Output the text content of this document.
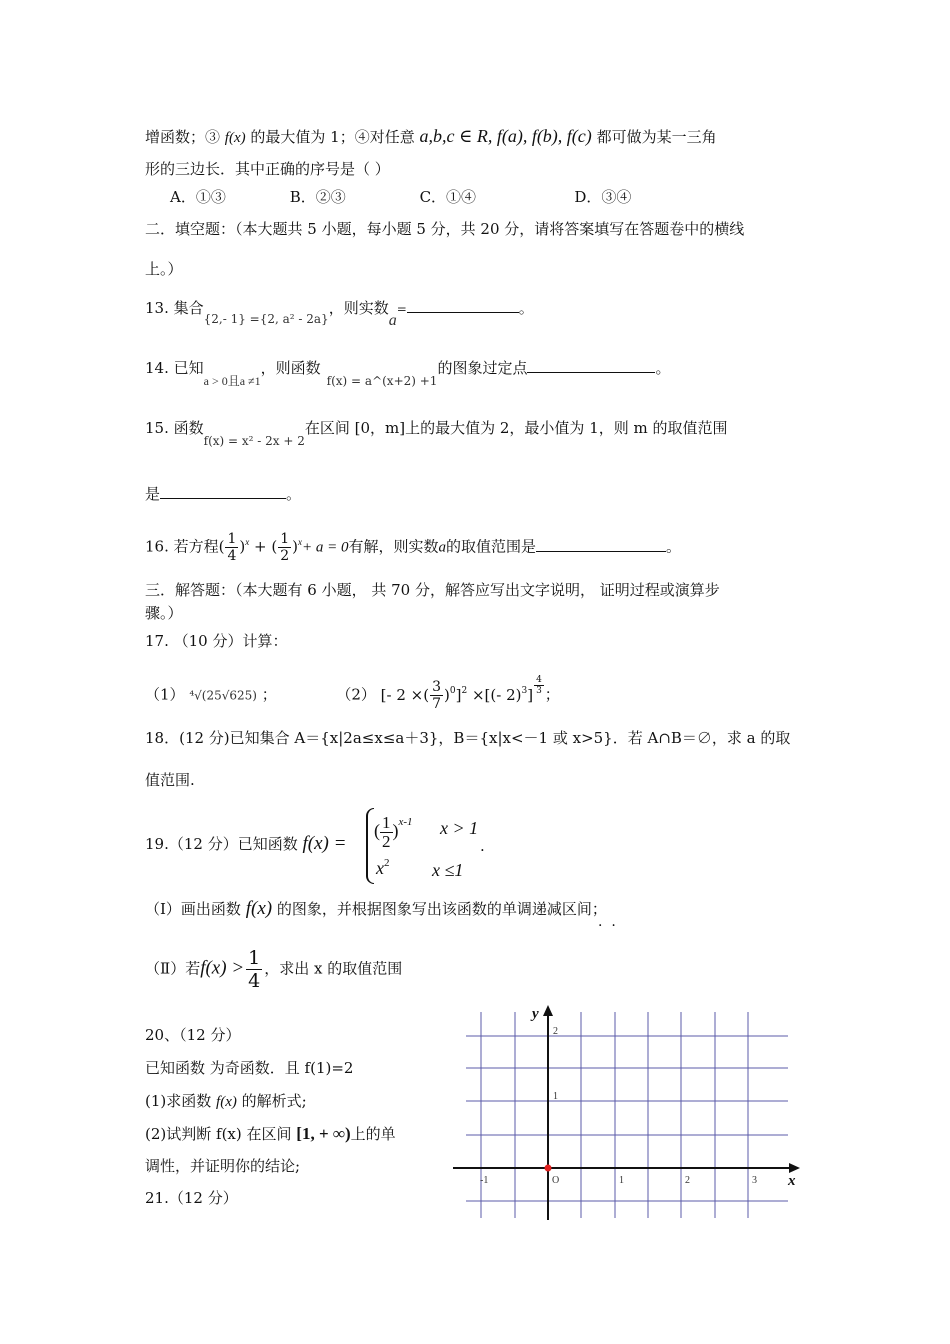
增函数；③ f(x) 的最大值为 1；④对任意 a,b,c ∈ R, f(a), f(b), f(c) 都可做为某一三角
形的三边长．其中正确的序号是（ ）
A．①③	B．②③	C．①④	D．③④
二．填空题：（本大题共 5 小题，每小题 5 分，共 20 分，请将答案填写在答题卷中的横线
上。）
13. 集合$_{\{2,- 1\} =\{2, a^2 - 2a\}}$，则实数a=	。
14. 已知$_{a > 0且a \ne 1}$，则函数$_{f(x) = a\^{}(x+2) +1}$的图象过定点	。
15. 函数$_{f(x) = x^2 - 2x + 2}$在区间 [0，m]上的最大值为 2，最小值为 1，则 m 的取值范围
是	。
16. 若方程( $\frac{1}{4} )^x$ + ( $\frac{1}{2} )^x+ a = 0$有解，则实数a的取值范围是	。
三．解答题：（本大题有 6 小题， 共 70 分，解答应写出文字说明， 证明过程或演算步
骤。）
17. （10 分）计算：
（1） ⁴√(25√625) ；	（2） [- 2 ×( $\frac{3}{7} )^0]^2$ ×[(- $2)^3] \frac{4}{3}$ ；
18．(12 分)已知集合 A＝{x|2a≤x≤a＋3}，B＝{x|x<－1 或 x>5}．若 A∩B＝∅，求 a 的取
值范围.
19.（12 分）已知函数 f(x) =
( $\frac{1}{2} )^{x-1}$ x > 1
$x^2$ x ≤1
.
（Ⅰ）画出函数 f(x) 的图象，并根据图象写出该函数的单调递减区间；
·  ·
（Ⅱ）若$f(x) > \frac{1}{4}$ ，求出 x 的取值范围
20、（12 分）
已知函数 为奇函数．且 f(1)=2
(1)求函数 f(x) 的解析式;
(2)试判断 f(x) 在区间 [1, + ∞)上的单
调性，并证明你的结论;
21.（12 分）
y
x
O
-1	1	2	3
1
2
